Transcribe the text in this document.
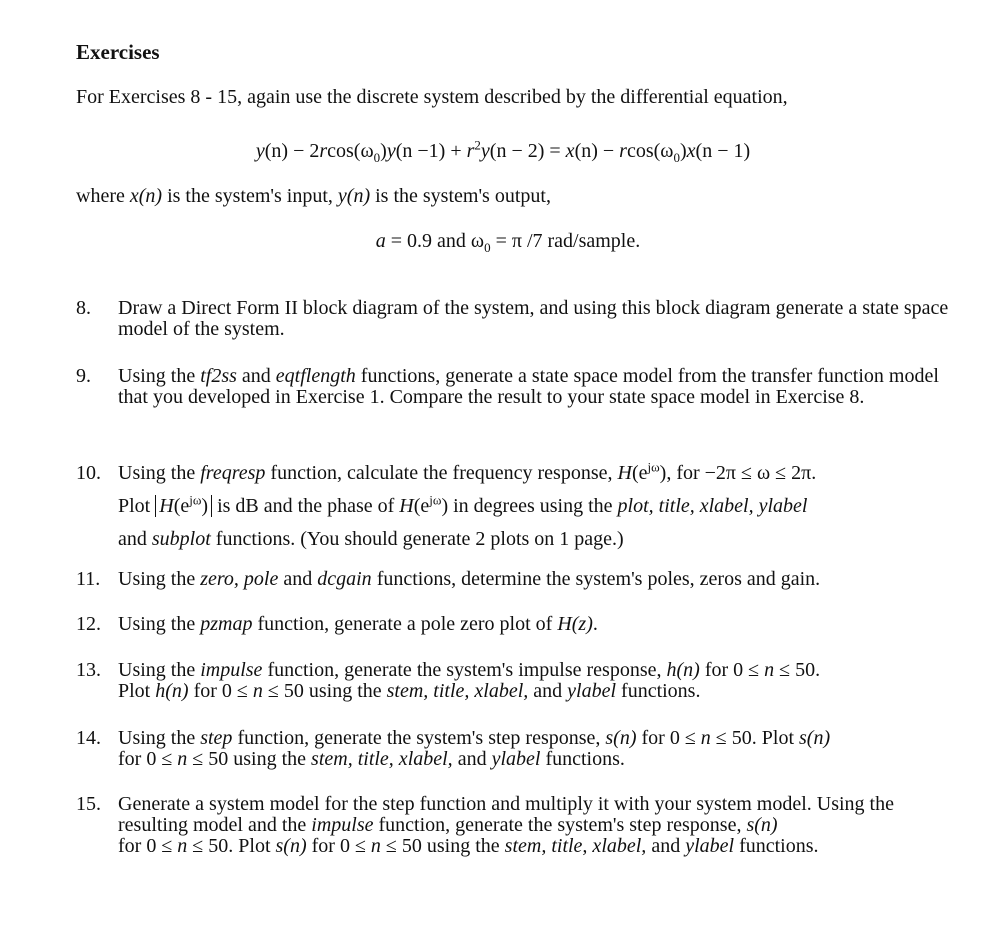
Exercises
For Exercises 8 - 15, again use the discrete system described by the differential equation,
$y(n) - 2rcos(\omega_0)y(n -1) + r^2y(n - 2) = x(n) - rcos(\omega_0)x(n - 1)$
where x(n) is the system's input, y(n) is the system's output,
a = 0.9 and $\omega_0 = \pi$ /7 rad/sample.
8.	Draw a Direct Form II block diagram of the system, and using this block diagram generate a state space model of the system.
9.	Using the tf2ss and eqtflength functions, generate a state space model from the transfer function model that you developed in Exercise 1. Compare the result to your state space model in Exercise 8.
10. Using the freqresp function, calculate the frequency response, $H(e^{j\omega})$, for −2π ≤ ω ≤ 2π.
Plot $H(e^{j\omega})$ is dB and the phase of $H(e^{j\omega})$ in degrees using the plot, title, xlabel, ylabel
and subplot functions. (You should generate 2 plots on 1 page.)
11. Using the zero, pole and dcgain functions, determine the system's poles, zeros and gain.
12. Using the pzmap function, generate a pole zero plot of H(z).
13. Using the impulse function, generate the system's impulse response, h(n) for 0 ≤ n ≤ 50.
Plot h(n) for 0 ≤ n ≤ 50 using the stem, title, xlabel, and ylabel functions.
14. Using the step function, generate the system's step response, s(n) for 0 ≤ n ≤ 50. Plot s(n)
for 0 ≤ n ≤ 50 using the stem, title, xlabel, and ylabel functions.
15. Generate a system model for the step function and multiply it with your system model. Using the resulting model and the impulse function, generate the system's step response, s(n)
for 0 ≤ n ≤ 50. Plot s(n) for 0 ≤ n ≤ 50 using the stem, title, xlabel, and ylabel functions.
